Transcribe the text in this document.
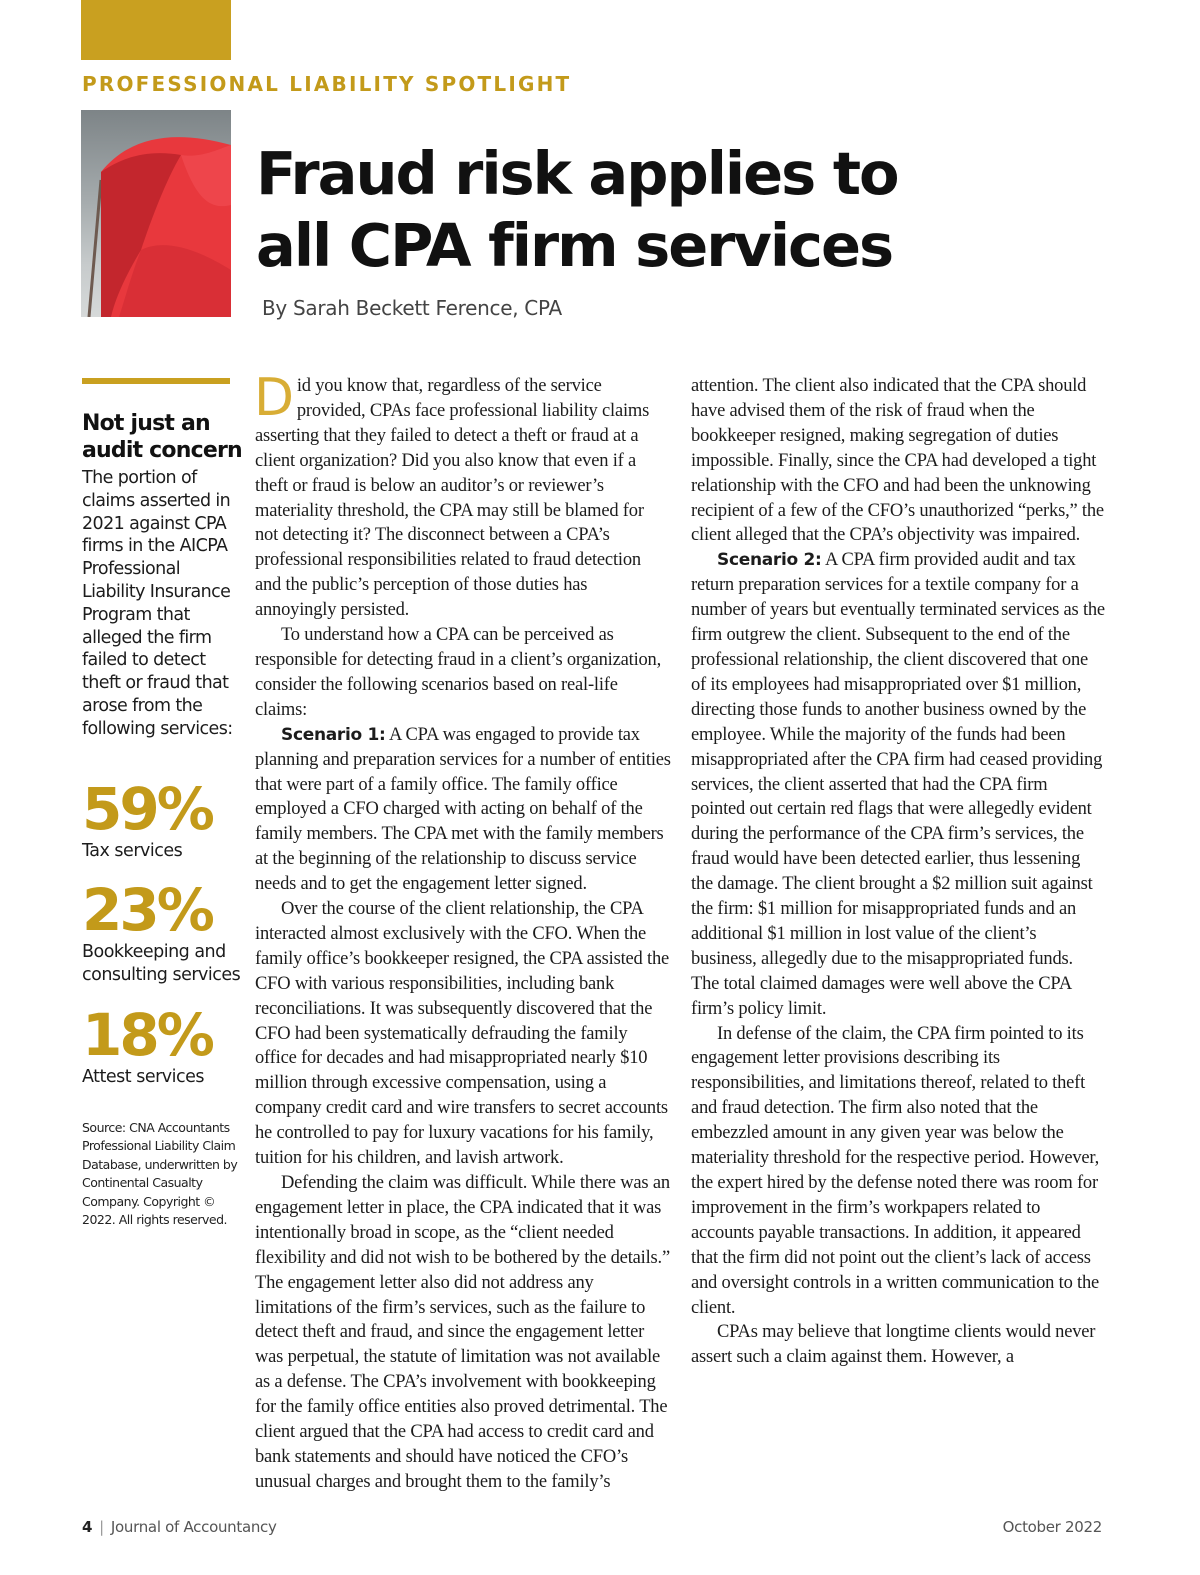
PROFESSIONAL LIABILITY SPOTLIGHT
Fraud risk applies to
all CPA firm services

By Sarah Beckett Ference, CPA

Not just an audit concern

The portion of claims asserted in 2021 against CPA firms in the AICPA Professional Liability Insurance Program that alleged the firm failed to detect theft or fraud that arose from the following services:

59%
Tax services
23%
Bookkeeping and consulting services
18%
Attest services

Source: CNA Accountants Professional Liability Claim Database, underwritten by Continental Casualty Company. Copyright © 2022. All rights reserved.

Did you know that, regardless of the service provided, CPAs face professional liability claims asserting that they failed to detect a theft or fraud at a client organization? Did you also know that even if a theft or fraud is below an auditor’s or reviewer’s materiality threshold, the CPA may still be blamed for not detecting it? The disconnect between a CPA’s professional responsibilities related to fraud detection and the public’s perception of those duties has annoyingly persisted.

To understand how a CPA can be perceived as responsible for detecting fraud in a client’s organization, consider the following scenarios based on real-life claims:

Scenario 1: A CPA was engaged to provide tax planning and preparation services for a number of entities that were part of a family office. The family office employed a CFO charged with acting on behalf of the family members. The CPA met with the family members at the beginning of the relationship to discuss service needs and to get the engagement letter signed.

Over the course of the client relationship, the CPA interacted almost exclusively with the CFO. When the family office’s bookkeeper resigned, the CPA assisted the CFO with various responsibilities, including bank reconciliations. It was subsequently discovered that the CFO had been systematically defrauding the family office for decades and had misappropriated nearly $10 million through excessive compensation, using a company credit card and wire transfers to secret accounts he controlled to pay for luxury vacations for his family, tuition for his children, and lavish artwork.

Defending the claim was difficult. While there was an engagement letter in place, the CPA indicated that it was intentionally broad in scope, as the “client needed flexibility and did not wish to be bothered by the details.” The engagement letter also did not address any limitations of the firm’s services, such as the failure to detect theft and fraud, and since the engagement letter was perpetual, the statute of limitation was not available as a defense. The CPA’s involvement with bookkeeping for the family office entities also proved detrimental. The client argued that the CPA had access to credit card and bank statements and should have noticed the CFO’s unusual charges and brought them to the family’s

attention. The client also indicated that the CPA should have advised them of the risk of fraud when the bookkeeper resigned, making segregation of duties impossible. Finally, since the CPA had developed a tight relationship with the CFO and had been the unknowing recipient of a few of the CFO’s unauthorized “perks,” the client alleged that the CPA’s objectivity was impaired.

Scenario 2: A CPA firm provided audit and tax return preparation services for a textile company for a number of years but eventually terminated services as the firm outgrew the client. Subsequent to the end of the professional relationship, the client discovered that one of its employees had misappropriated over $1 million, directing those funds to another business owned by the employee. While the majority of the funds had been misappropriated after the CPA firm had ceased providing services, the client asserted that had the CPA firm pointed out certain red flags that were allegedly evident during the performance of the CPA firm’s services, the fraud would have been detected earlier, thus lessening the damage. The client brought a $2 million suit against the firm: $1 million for misappropriated funds and an additional $1 million in lost value of the client’s business, allegedly due to the misappropriated funds. The total claimed damages were well above the CPA firm’s policy limit.

In defense of the claim, the CPA firm pointed to its engagement letter provisions describing its responsibilities, and limitations thereof, related to theft and fraud detection. The firm also noted that the embezzled amount in any given year was below the materiality threshold for the respective period. However, the expert hired by the defense noted there was room for improvement in the firm’s workpapers related to accounts payable transactions. In addition, it appeared that the firm did not point out the client’s lack of access and oversight controls in a written communication to the client.

CPAs may believe that longtime clients would never assert such a claim against them. However, a

4 | Journal of Accountancy	October 2022
